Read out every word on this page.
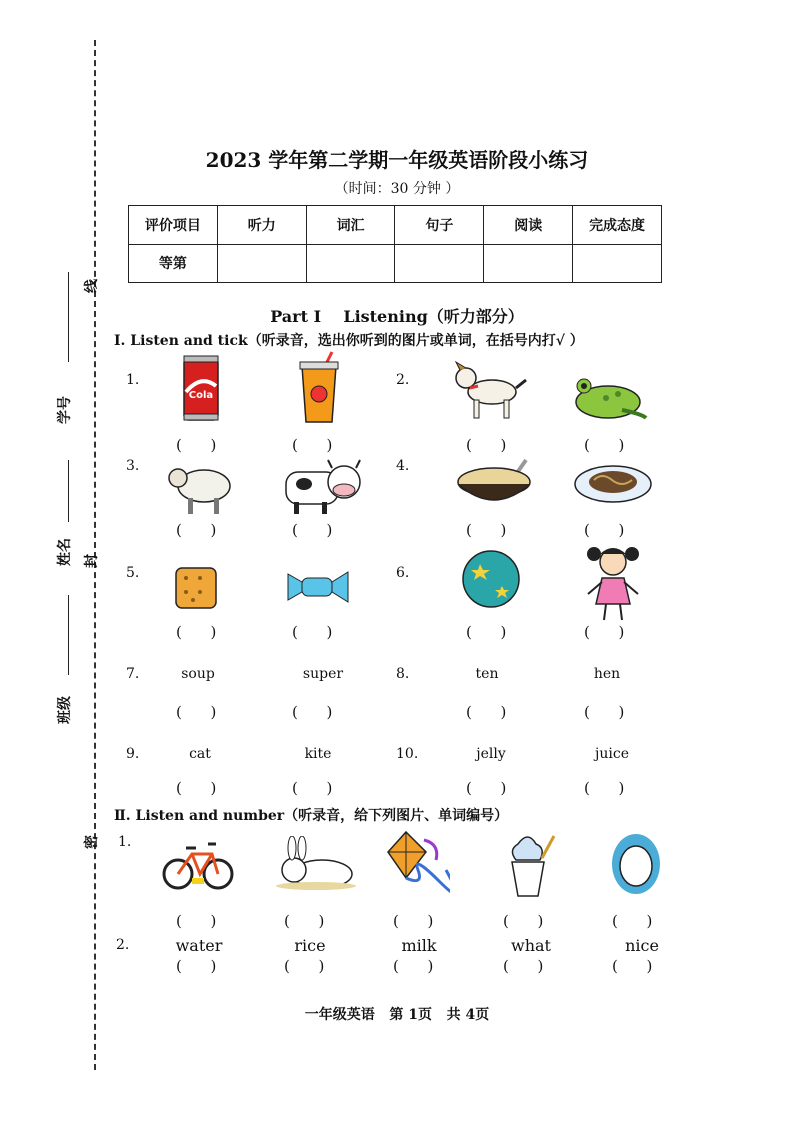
线
封
密
学号
姓名
班级
2023 学年第二学期一年级英语阶段小练习
（时间：30 分钟 ）
评价项目	听力	词汇	句子	阅读	完成态度
等第					
Part Ⅰ    Listening（听力部分）
Ⅰ. Listen and tick（听录音，选出你听到的图片或单词，在括号内打√ ）
1.
Cola
2.
(      )	(      )	(      )	(      )
3.	4.
(      )	(      )	(      )	(      )
5.	6.
(      )	(      )	(      )	(      )
7.	soup	super	8.	ten	hen
(      )	(      )	(      )	(      )
9.	cat	kite	10.	jelly	juice
(      )	(      )	(      )	(      )
Ⅱ. Listen and number（听录音，给下列图片、单词编号）
1.
(      )	(      )	(      )	(      )	(      )
2.	water	rice	milk	what	nice
(      )	(      )	(      )	(      )	(      )
一年级英语   第 1页   共 4页
